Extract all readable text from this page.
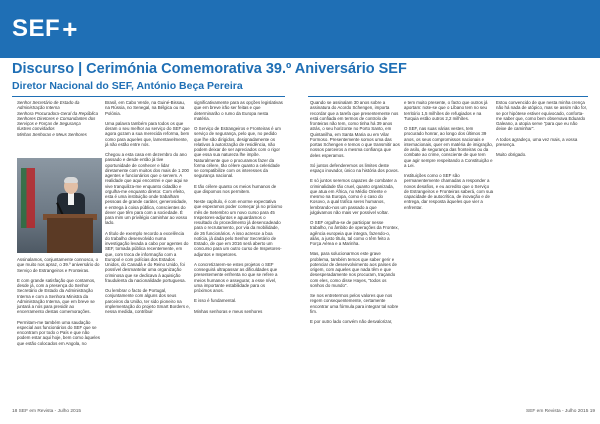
SEF +
Discurso | Cerimónia Comemorativa 39.º Aniversário SEF
Diretor Nacional do SEF, António Beça Pereira
Senhor Secretário de Estado da Administração Interna
Senhora Procuradora-Geral da República
Senhores Diretores e Comandantes dos Serviços e Forças de Segurança
Ilustres convidados
Minhas Senhoras e Meus Senhores

Assinalamos, conjuntamente connosco, o que muito nos apraz, o 39.º aniversário do Serviço de Estrangeiros e Fronteiras.

E com grande satisfação que contamos, desde já, com a presença do Senhor Secretário de Estado da Administração Interna e com a Senhora Ministra da Administração Interna, que em breve se juntará a nós para presidir ao encerramento destas comemorações.

Permitam-me também uma saudação especial aos funcionários do SEF que se encontram por todo o País e que não podem estar aqui hoje, bem como àqueles que estão colocados em Angola, no

Brasil, em Cabo Verde, na Guiné-Bissau, na Rússia, no Senegal, na Bélgica ou na Polónia.

Uma palavra também para todos os que deram o seu melhor ao serviço do SEF que agora gozam a sua merecida reforma, bem como para aqueles que, lamentavelmente, já não estão entre nós.

Chegou a esta casa em dezembro do ano passado e desde então já tive oportunidade de conhecer e lidar diretamente com muitos dos mais de 1 200 agentes e funcionários que o servem. A realidade que aqui encontrei e que aqui se vive tranquiliza-me enquanto cidadão e orgulha-me enquanto diretor. Com efeito, esta é uma instituição onde trabalham pessoas de grande caráter, generosidade, e entrega à coisa pública, conscientes do dever que têm para com a sociedade. É para mim um privilégio caminhar ao vosso lado.

A título de exemplo recordo a excelência do trabalho desenvolvido numa investigação levada a cabo por agentes do SEF, tornada pública recentemente, em que, com troca de informação com a Europol e com polícias dos Estados Unidos, do Canadá e do Reino Unido, foi possível desmantelar uma organização criminosa que se dedicava à aquisição fraudulenta da nacionalidade portuguesa.

Ou lembrar o facto de Portugal, conjuntamente com alguns dos seus parceiros da União, ter sido pioneiro na implementação do projeto Smart Borders e, nessa medida, contribuir

significativamente para as opções legislativas que em breve irão ser feitas e que determinarão o rumo da Europa nesta matéria.

O Serviço de Estrangeiros e Fronteiras é um serviço de segurança, pelo que, no pedido que lhe são dirigidos, designadamente os relativos à autorização de residência, não podem deixar de ser apreciados com o rigor que essa sua natureza lhe impõe. Naturalmente que o procuramos fazer da forma célere, tão célere quanto a celeridade se compatibilize com os interesses da segurança nacional.

E tão célere quanto os meios humanos de que dispomos nos permitem.

Neste capítulo, é com enorme expectativa que esperamos poder começar já no próximo mês de Setembro um novo curso para 45 Inspetores-adjuntos e aguardamos o resultado do procedimento já desencadeado para o recrutamento, por via da mobilidade, de 26 funcionários. A isso acresce a boa notícia, já dada pelo Senhor Secretário de Estado, de que em 2016 será aberto um concurso para um outro curso de Inspetores-adjuntos e Inspetores.

A concretizarem-se estes projetos o SEF conseguirá ultrapassar as dificuldades que presentemente enfrenta no que se refere a meios humanos e assegurar, a esse nível, uma importante estabilidade para os próximos anos.

E isso é fundamental.

Minhas senhoras e meus senhores

Quando se assinalam 30 anos sobre a assinatura do Acordo Schengen, importa recordar que a tarefa que presentemente nos está confiada em termos de controlo de fronteiras não tem, como tinha há 39 anos atrás, o seu horizonte no Porto Santo, em Quintanilha, em Santa Maria ou em Vilar Formoso. Presentemente somos uma das portas Schengen e temos o que transmitir aos nossos parceiros a mesma confiança que deles esperamos.

Só juntos defenderemos os limites deste espaço inovador, único na história dos povos.

E só juntos seremos capazes de combater a criminalidade tão cruel, quanto organizada, que atua em África, no Médio Oriente e mesmo na Europa, como é o caso do Kosovo, a qual trafica seres humanos, lembrando-nos um passado a que julgávamos não mais ver possível voltar.

O SEF orgulha-se de participar nesse trabalho, no âmbito de operações da Frontex, agência europeia que integra, fazendo-o, aliás, a justo título, tal como o têm feito a Força Aérea e a Marinha.

Mas, para solucionarmos este grave problema, também temos que saber gerir e potenciar de desenvolvimento aos países de origem, com aqueles que nada têm e que desesperadamente nos procuram, traçando com eles, como disse Hayes, "todos os sonhos do mundo".

Se nos entretermos pelos valores que nos regem consequentemente, certamente encontrar uma fórmula para integrar tal sobre fim.

E por outro lado convém não desvalorizar,

e tem muito presente, o facto que outros já aportam: note-se que o Líbano tem no seu território 1,5 milhões de refugiados e na Turquia estão outros 2,2 milhões.

O SEF, nas suas várias vestes, tem procurado honrar, ao longo dos últimos 39 anos, os seus compromissos nacionais e internacionais, quer em matéria de imigração, de asilo, de segurança das fronteiras ou da combate ao crime, consciente de que tem que agir sempre respeitando a Constituição e a Lei.

Instituições como o SEF são permanentemente chamadas a responder a novos desafios, e eu acredito que o Serviço de Estrangeiros e Fronteiras saberá, com sua capacidade de autocrítica, de inovação e de entrega, dar resposta àqueles que vier a enfrentar.

Estou convencido de que nesta minha crença não há nada de utópico, mas se assim não for, se por hipótese estiver equivocado, conforta-me saber que, como bem observava Eduardo Galeano, a utopia serve "para que eu não deixe de caminhar".

A todos agradeço, uma vez mais, a vossa presença.

Muito obrigado.

18 SEF em Revista - Julho 2015	SEF em Revista - Julho 2015 19
